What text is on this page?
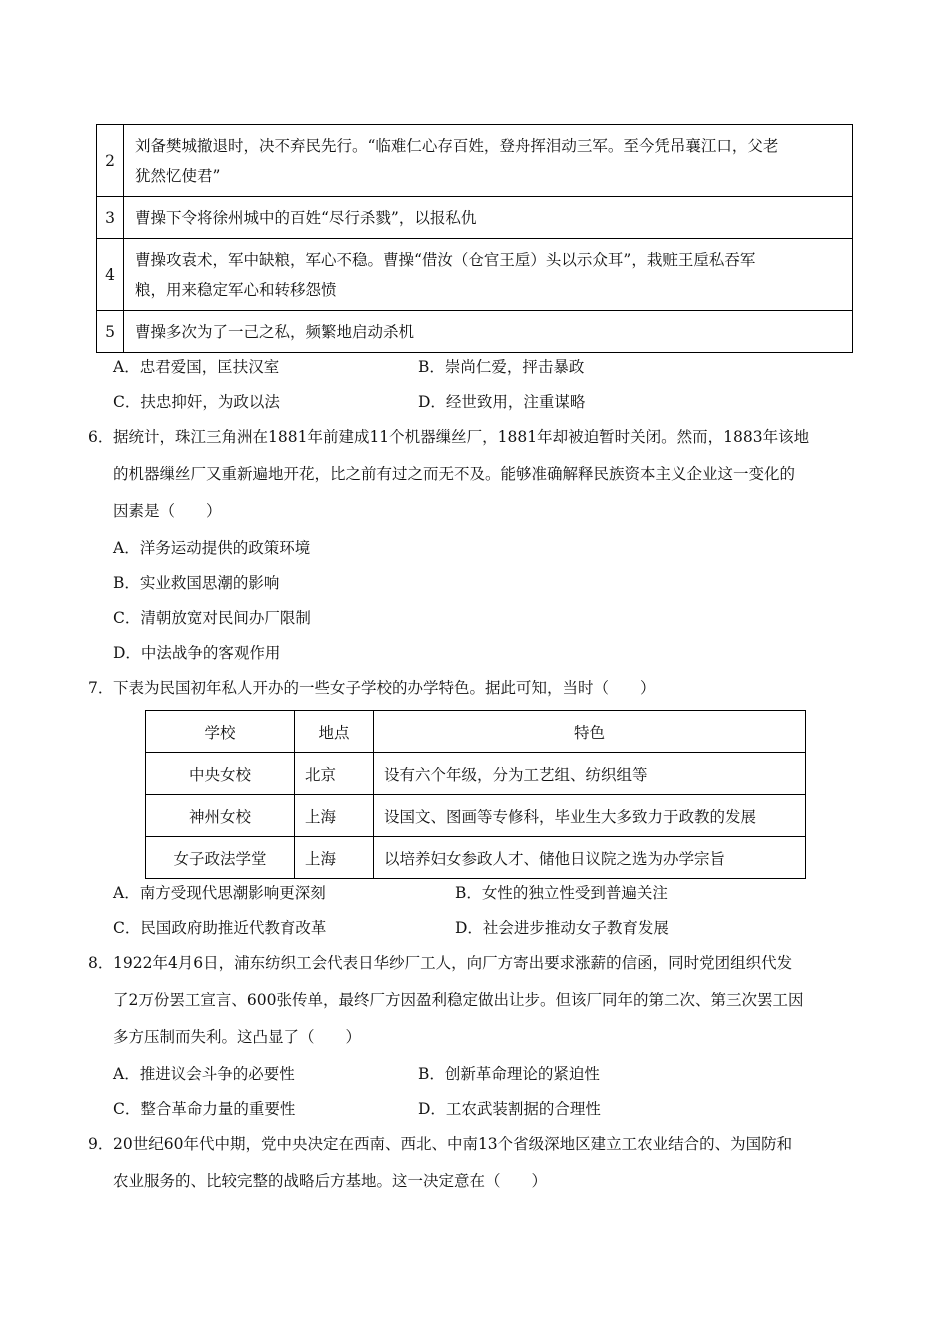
2	刘备樊城撤退时，决不弃民先行。“临难仁心存百姓，登舟挥泪动三军。至今凭吊襄江口，父老
犹然忆使君”

3	曹操下令将徐州城中的百姓“尽行杀戮”，以报私仇

4	曹操攻袁术，军中缺粮，军心不稳。曹操“借汝（仓官王垕）头以示众耳”，栽赃王垕私吞军
粮，用来稳定军心和转移怨愤

5	曹操多次为了一己之私，频繁地启动杀机
A．忠君爱国，匡扶汉室	B．崇尚仁爱，抨击暴政
C．扶忠抑奸，为政以法	D．经世致用，注重谋略
6． 据统计，珠江三角洲在1881年前建成11个机器缫丝厂，1881年却被迫暂时关闭。然而，1883年该地
的机器缫丝厂又重新遍地开花，比之前有过之而无不及。能够准确解释民族资本主义企业这一变化的
因素是（　　）
A．洋务运动提供的政策环境
B．实业救国思潮的影响
C．清朝放宽对民间办厂限制
D．中法战争的客观作用
7． 下表为民国初年私人开办的一些女子学校的办学特色。据此可知，当时（　　）
学校	地点	特色
中央女校	北京	设有六个年级，分为工艺组、纺织组等
神州女校	上海	设国文、图画等专修科，毕业生大多致力于政教的发展
女子政法学堂	上海	以培养妇女参政人才、储他日议院之选为办学宗旨
A．南方受现代思潮影响更深刻	B．女性的独立性受到普遍关注
C．民国政府助推近代教育改革	D．社会进步推动女子教育发展
8． 1922年4月6日，浦东纺织工会代表日华纱厂工人，向厂方寄出要求涨薪的信函，同时党团组织代发
了2万份罢工宣言、600张传单，最终厂方因盈利稳定做出让步。但该厂同年的第二次、第三次罢工因
多方压制而失利。这凸显了（　　）
A．推进议会斗争的必要性	B．创新革命理论的紧迫性
C．整合革命力量的重要性	D．工农武装割据的合理性
9． 20世纪60年代中期，党中央决定在西南、西北、中南13个省级深地区建立工农业结合的、为国防和
农业服务的、比较完整的战略后方基地。这一决定意在（　　）
